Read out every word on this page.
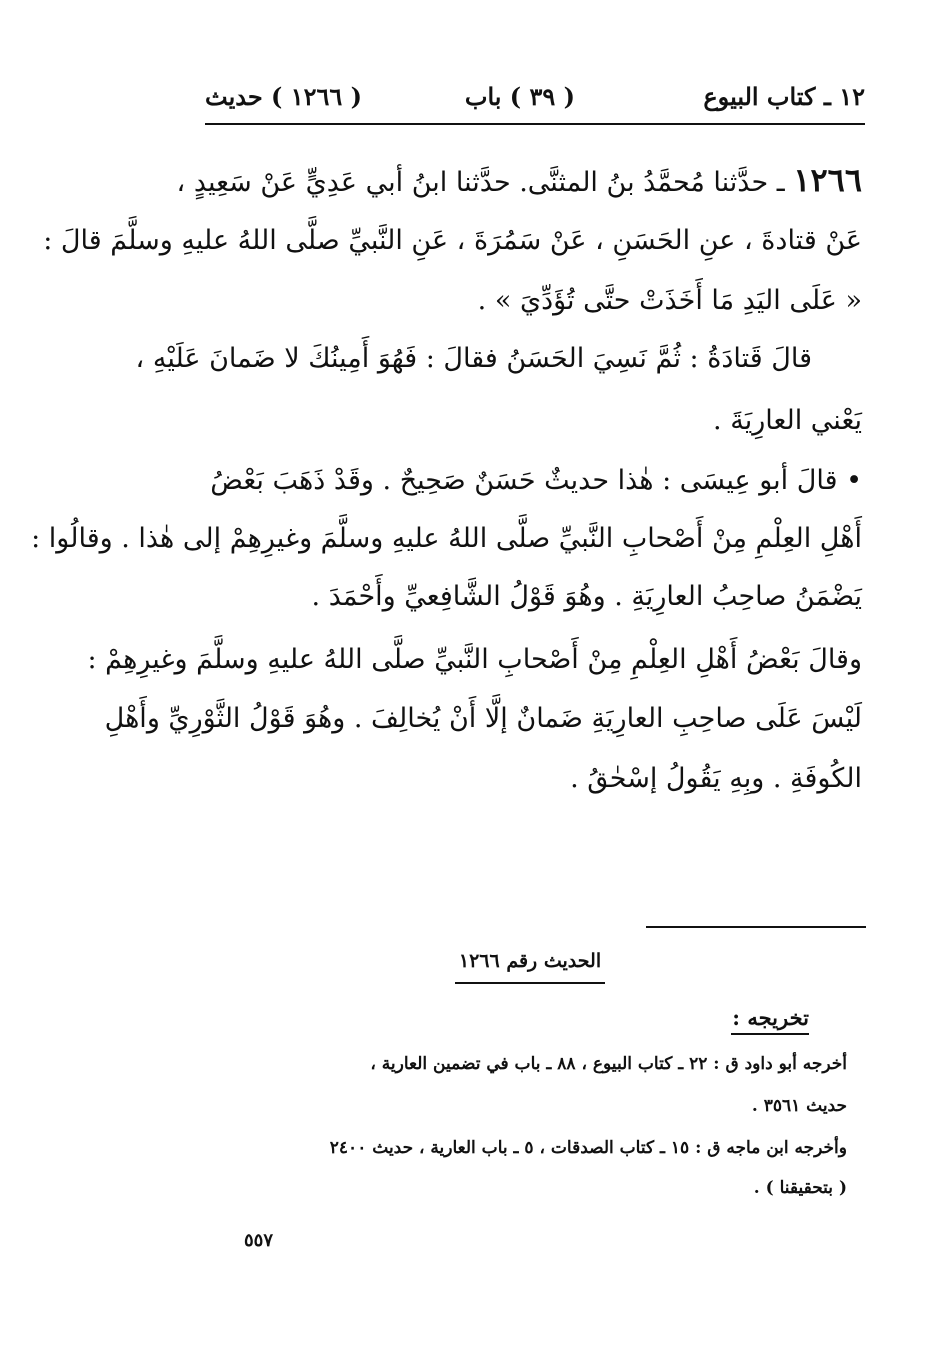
١٢ ـ كتاب البيوع
( ٣٩ ) باب
( ١٢٦٦ ) حديث
١٢٦٦ ـ حدَّثنا مُحمَّدُ بنُ المثنَّى. حدَّثنا ابنُ أبي عَدِيٍّ عَنْ سَعِيدٍ ،
عَنْ قتادةَ ، عنِ الحَسَنِ ، عَنْ سَمُرَةَ ، عَنِ النَّبيِّ صلَّى اللهُ عليهِ وسلَّمَ قالَ :
« عَلَى اليَدِ مَا أَخَذَتْ حتَّى تُؤَدِّيَ » .
قالَ قَتادَةُ : ثُمَّ نَسِيَ الحَسَنُ فقالَ : فَهُوَ أَمِينُكَ لا ضَمانَ عَلَيْهِ ،
يَعْني العارِيَةَ .
• قالَ أبو عِيسَى : هٰذا حديثٌ حَسَنٌ صَحِيحٌ . وقَدْ ذَهَبَ بَعْضُ
أَهْلِ العِلْمِ مِنْ أَصْحابِ النَّبيِّ صلَّى اللهُ عليهِ وسلَّمَ وغيرِهِمْ إلى هٰذا . وقالُوا :
يَضْمَنُ صاحِبُ العارِيَةِ . وهُوَ قَوْلُ الشَّافِعيِّ وأَحْمَدَ .
وقالَ بَعْضُ أَهْلِ العِلْمِ مِنْ أَصْحابِ النَّبيِّ صلَّى اللهُ عليهِ وسلَّمَ وغيرِهِمْ :
لَيْسَ عَلَى صاحِبِ العارِيَةِ ضَمانٌ إلَّا أَنْ يُخالِفَ . وهُوَ قَوْلُ الثَّوْرِيِّ وأَهْلِ
الكُوفَةِ . وبِهِ يَقُولُ إسْحٰقُ .
الحديث رقم ١٢٦٦
تخريجه :
أخرجه أبو داود ق : ٢٢ ـ كتاب البيوع ، ٨٨ ـ باب في تضمين العارية ،
حديث ٣٥٦١ .
وأخرجه ابن ماجه ق : ١٥ ـ كتاب الصدقات ، ٥ ـ باب العارية ، حديث ٢٤٠٠
( بتحقيقنا ) .
٥٥٧
